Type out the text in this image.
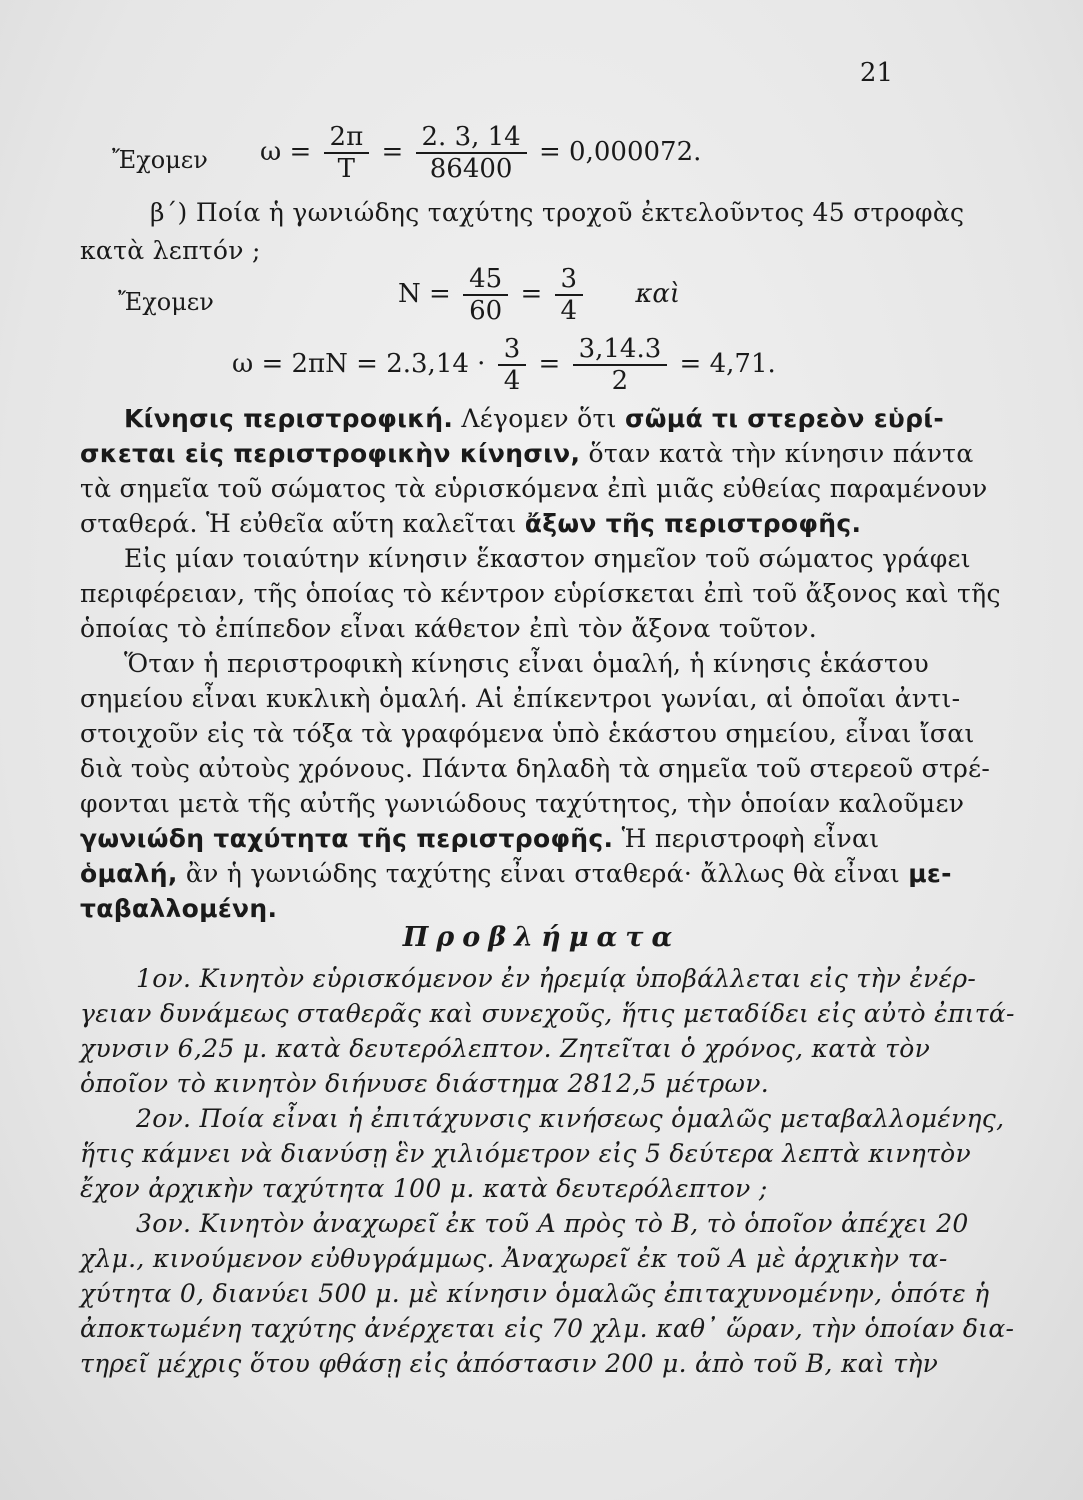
21
Ἔχομεν $\omega = \frac{2\pi}{T} = \frac{2. 3, 14}{86400} = 0,000072$.
β΄) Ποία ἡ γωνιώδης ταχύτης τροχοῦ ἐκτελοῦντος 45 στροφὰς
κατὰ λεπτόν ;
Ἔχομεν	$N = \frac{45}{60} = \frac{3}{4}$ καὶ
$\omega = 2\pi N = 2.3,14 \cdot \frac{3}{4} = \frac{3,14.3}{2} = 4,71$.
Κίνησις περιστροφική. Λέγομεν ὅτι σῶμά τι στερεὸν εὑρί-
σκεται εἰς περιστροφικὴν κίνησιν, ὅταν κατὰ τὴν κίνησιν πάντα
τὰ σημεῖα τοῦ σώματος τὰ εὑρισκόμενα ἐπὶ μιᾶς εὐθείας παραμένουν
σταθερά. Ἡ εὐθεῖα αὕτη καλεῖται ἄξων τῆς περιστροφῆς.
Εἰς μίαν τοιαύτην κίνησιν ἕκαστον σημεῖον τοῦ σώματος γράφει
περιφέρειαν, τῆς ὁποίας τὸ κέντρον εὑρίσκεται ἐπὶ τοῦ ἄξονος καὶ τῆς
ὁποίας τὸ ἐπίπεδον εἶναι κάθετον ἐπὶ τὸν ἄξονα τοῦτον.
Ὅταν ἡ περιστροφικὴ κίνησις εἶναι ὁμαλή, ἡ κίνησις ἑκάστου
σημείου εἶναι κυκλικὴ ὁμαλή. Αἱ ἐπίκεντροι γωνίαι, αἱ ὁποῖαι ἀντι-
στοιχοῦν εἰς τὰ τόξα τὰ γραφόμενα ὑπὸ ἑκάστου σημείου, εἶναι ἴσαι
διὰ τοὺς αὐτοὺς χρόνους. Πάντα δηλαδὴ τὰ σημεῖα τοῦ στερεοῦ στρέ-
φονται μετὰ τῆς αὐτῆς γωνιώδους ταχύτητος, τὴν ὁποίαν καλοῦμεν
γωνιώδη ταχύτητα τῆς περιστροφῆς. Ἡ περιστροφὴ εἶναι
ὁμαλή, ἂν ἡ γωνιώδης ταχύτης εἶναι σταθερά· ἄλλως θὰ εἶναι με-
ταβαλλομένη.
Προβλήματα
1ον. Κινητὸν εὑρισκόμενον ἐν ἠρεμίᾳ ὑποβάλλεται εἰς τὴν ἐνέρ-
γειαν δυνάμεως σταθερᾶς καὶ συνεχοῦς, ἥτις μεταδίδει εἰς αὐτὸ ἐπιτά-
χυνσιν 6,25 μ. κατὰ δευτερόλεπτον. Ζητεῖται ὁ χρόνος, κατὰ τὸν
ὁποῖον τὸ κινητὸν διήνυσε διάστημα 2812,5 μέτρων.
2ον. Ποία εἶναι ἡ ἐπιτάχυνσις κινήσεως ὁμαλῶς μεταβαλλομένης,
ἥτις κάμνει νὰ διανύσῃ ἓν χιλιόμετρον εἰς 5 δεύτερα λεπτὰ κινητὸν
ἔχον ἀρχικὴν ταχύτητα 100 μ. κατὰ δευτερόλεπτον ;
3ον. Κινητὸν ἀναχωρεῖ ἐκ τοῦ Α πρὸς τὸ Β, τὸ ὁποῖον ἀπέχει 20
χλμ., κινούμενον εὐθυγράμμως. Ἀναχωρεῖ ἐκ τοῦ Α μὲ ἀρχικὴν τα-
χύτητα 0, διανύει 500 μ. μὲ κίνησιν ὁμαλῶς ἐπιταχυνομένην, ὁπότε ἡ
ἀποκτωμένη ταχύτης ἀνέρχεται εἰς 70 χλμ. καθ᾽ ὥραν, τὴν ὁποίαν δια-
τηρεῖ μέχρις ὅτου φθάσῃ εἰς ἀπόστασιν 200 μ. ἀπὸ τοῦ Β, καὶ τὴν
